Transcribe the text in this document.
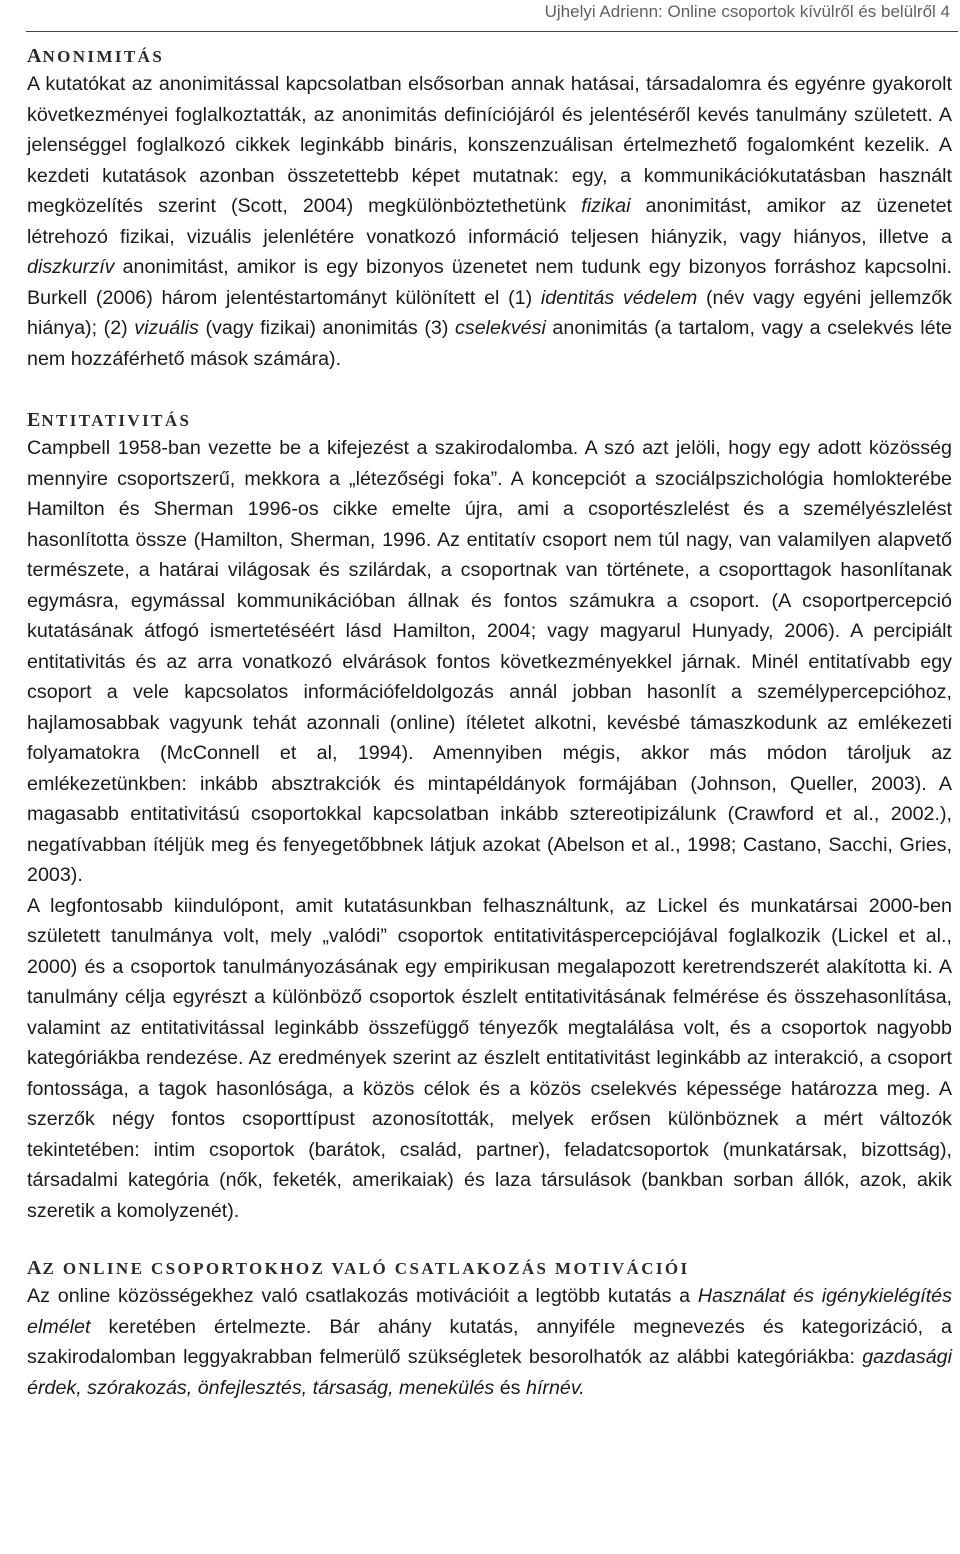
Ujhelyi Adrienn: Online csoportok kívülről és belülről 4
ANONIMITÁS

A kutatókat az anonimitással kapcsolatban elsősorban annak hatásai, társadalomra és egyénre gyakorolt következményei foglalkoztatták, az anonimitás definíciójáról és jelentéséről kevés tanulmány született. A jelenséggel foglalkozó cikkek leginkább bináris, konszenzuálisan értelmezhető fogalomként kezelik. A kezdeti kutatások azonban összetettebb képet mutatnak: egy, a kommunikációkutatásban használt megközelítés szerint (Scott, 2004) megkülönböztethetünk fizikai anonimitást, amikor az üzenetet létrehozó fizikai, vizuális jelenlétére vonatkozó információ teljesen hiányzik, vagy hiányos, illetve a diszkurzív anonimitást, amikor is egy bizonyos üzenetet nem tudunk egy bizonyos forráshoz kapcsolni. Burkell (2006) három jelentéstartományt különített el (1) identitás védelem (név vagy egyéni jellemzők hiánya); (2) vizuális (vagy fizikai) anonimitás (3) cselekvési anonimitás (a tartalom, vagy a cselekvés léte nem hozzáférhető mások számára).

ENTITATIVITÁS

Campbell 1958-ban vezette be a kifejezést a szakirodalomba. A szó azt jelöli, hogy egy adott közösség mennyire csoportszerű, mekkora a „létezőségi foka”. A koncepciót a szociálpszichológia homlokterébe Hamilton és Sherman 1996-os cikke emelte újra, ami a csoportészlelést és a személyészlelést hasonlította össze (Hamilton, Sherman, 1996. Az entitatív csoport nem túl nagy, van valamilyen alapvető természete, a határai világosak és szilárdak, a csoportnak van története, a csoporttagok hasonlítanak egymásra, egymással kommunikációban állnak és fontos számukra a csoport. (A csoportpercepció kutatásának átfogó ismertetéséért lásd Hamilton, 2004; vagy magyarul Hunyady, 2006). A percipiált entitativitás és az arra vonatkozó elvárások fontos következményekkel járnak. Minél entitatívabb egy csoport a vele kapcsolatos információfeldolgozás annál jobban hasonlít a személypercepcióhoz, hajlamosabbak vagyunk tehát azonnali (online) ítéletet alkotni, kevésbé támaszkodunk az emlékezeti folyamatokra (McConnell et al, 1994). Amennyiben mégis, akkor más módon tároljuk az emlékezetünkben: inkább absztrakciók és mintapéldányok formájában (Johnson, Queller, 2003). A magasabb entitativitású csoportokkal kapcsolatban inkább sztereotipizálunk (Crawford et al., 2002.), negatívabban ítéljük meg és fenyegetőbbnek látjuk azokat (Abelson et al., 1998; Castano, Sacchi, Gries, 2003).

A legfontosabb kiindulópont, amit kutatásunkban felhasználtunk, az Lickel és munkatársai 2000-ben született tanulmánya volt, mely „valódi” csoportok entitativitáspercepciójával foglalkozik (Lickel et al., 2000) és a csoportok tanulmányozásának egy empirikusan megalapozott keretrendszerét alakította ki. A tanulmány célja egyrészt a különböző csoportok észlelt entitativitásának felmérése és összehasonlítása, valamint az entitativitással leginkább összefüggő tényezők megtalálása volt, és a csoportok nagyobb kategóriákba rendezése. Az eredmények szerint az észlelt entitativitást leginkább az interakció, a csoport fontossága, a tagok hasonlósága, a közös célok és a közös cselekvés képessége határozza meg. A szerzők négy fontos csoporttípust azonosították, melyek erősen különböznek a mért változók tekintetében: intim csoportok (barátok, család, partner), feladatcsoportok (munkatársak, bizottság), társadalmi kategória (nők, feketék, amerikaiak) és laza társulások (bankban sorban állók, azok, akik szeretik a komolyzenét).

AZ ONLINE CSOPORTOKHOZ VALÓ CSATLAKOZÁS MOTIVÁCIÓI

Az online közösségekhez való csatlakozás motivációit a legtöbb kutatás a Használat és igénykielégítés elmélet keretében értelmezte. Bár ahány kutatás, annyiféle megnevezés és kategorizáció, a szakirodalomban leggyakrabban felmerülő szükségletek besorolhatók az alábbi kategóriákba: gazdasági érdek, szórakozás, önfejlesztés, társaság, menekülés és hírnév.
